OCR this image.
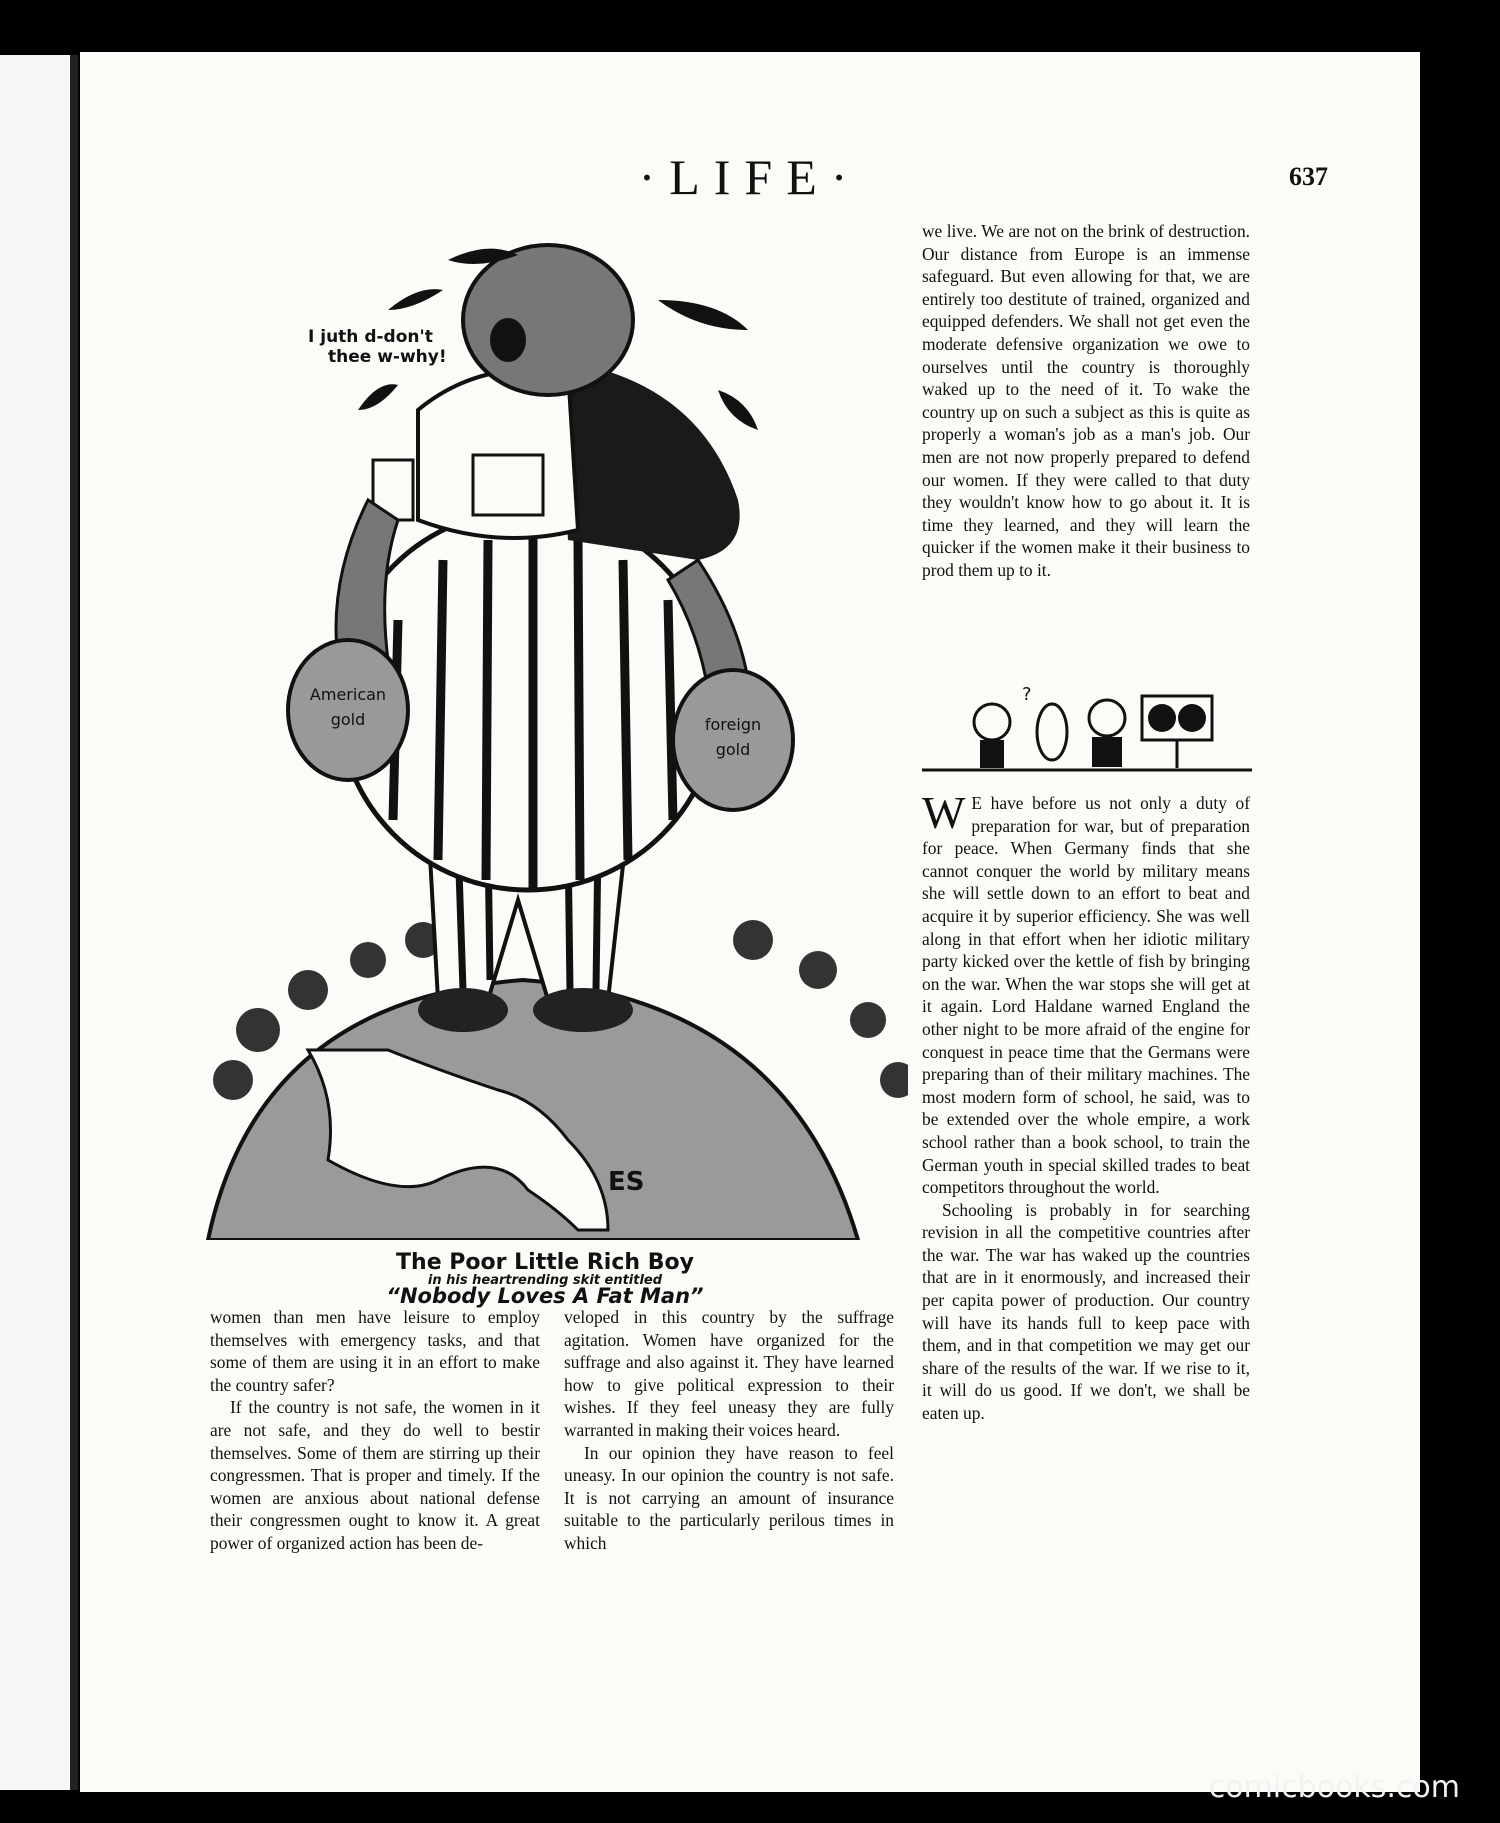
·LIFE·	637
American
gold	foreign
gold
I juth d-don't
thee w-why!
ES
The Poor Little Rich Boy
in his heartrending skit entitled
“Nobody Loves A Fat Man”
?

we live. We are not on the brink of destruction. Our distance from Europe is an immense safeguard. But even allowing for that, we are entirely too destitute of trained, organized and equipped defenders. We shall not get even the moderate defensive organization we owe to ourselves until the country is thoroughly waked up to the need of it. To wake the country up on such a subject as this is quite as properly a woman's job as a man's job. Our men are not now properly prepared to defend our women. If they were called to that duty they wouldn't know how to go about it. It is time they learned, and they will learn the quicker if the women make it their business to prod them up to it.

W E have before us not only a duty of preparation for war, but of preparation for peace. When Germany finds that she cannot conquer the world by military means she will settle down to an effort to beat and acquire it by superior efficiency. She was well along in that effort when her idiotic military party kicked over the kettle of fish by bringing on the war. When the war stops she will get at it again. Lord Haldane warned England the other night to be more afraid of the engine for conquest in peace time that the Germans were preparing than of their military machines. The most modern form of school, he said, was to be extended over the whole empire, a work school rather than a book school, to train the German youth in special skilled trades to beat competitors throughout the world.

Schooling is probably in for searching revision in all the competitive countries after the war. The war has waked up the countries that are in it enormously, and increased their per capita power of production. Our country will have its hands full to keep pace with them, and in that competition we may get our share of the results of the war. If we rise to it, it will do us good. If we don't, we shall be eaten up.

women than men have leisure to employ themselves with emergency tasks, and that some of them are using it in an effort to make the country safer?

If the country is not safe, the women in it are not safe, and they do well to bestir themselves. Some of them are stirring up their congressmen. That is proper and timely. If the women are anxious about national defense their congressmen ought to know it. A great power of organized action has been de-

veloped in this country by the suffrage agitation. Women have organized for the suffrage and also against it. They have learned how to give political expression to their wishes. If they feel uneasy they are fully warranted in making their voices heard.

In our opinion they have reason to feel uneasy. In our opinion the country is not safe. It is not carrying an amount of insurance suitable to the particularly perilous times in which

comicbooks.com
